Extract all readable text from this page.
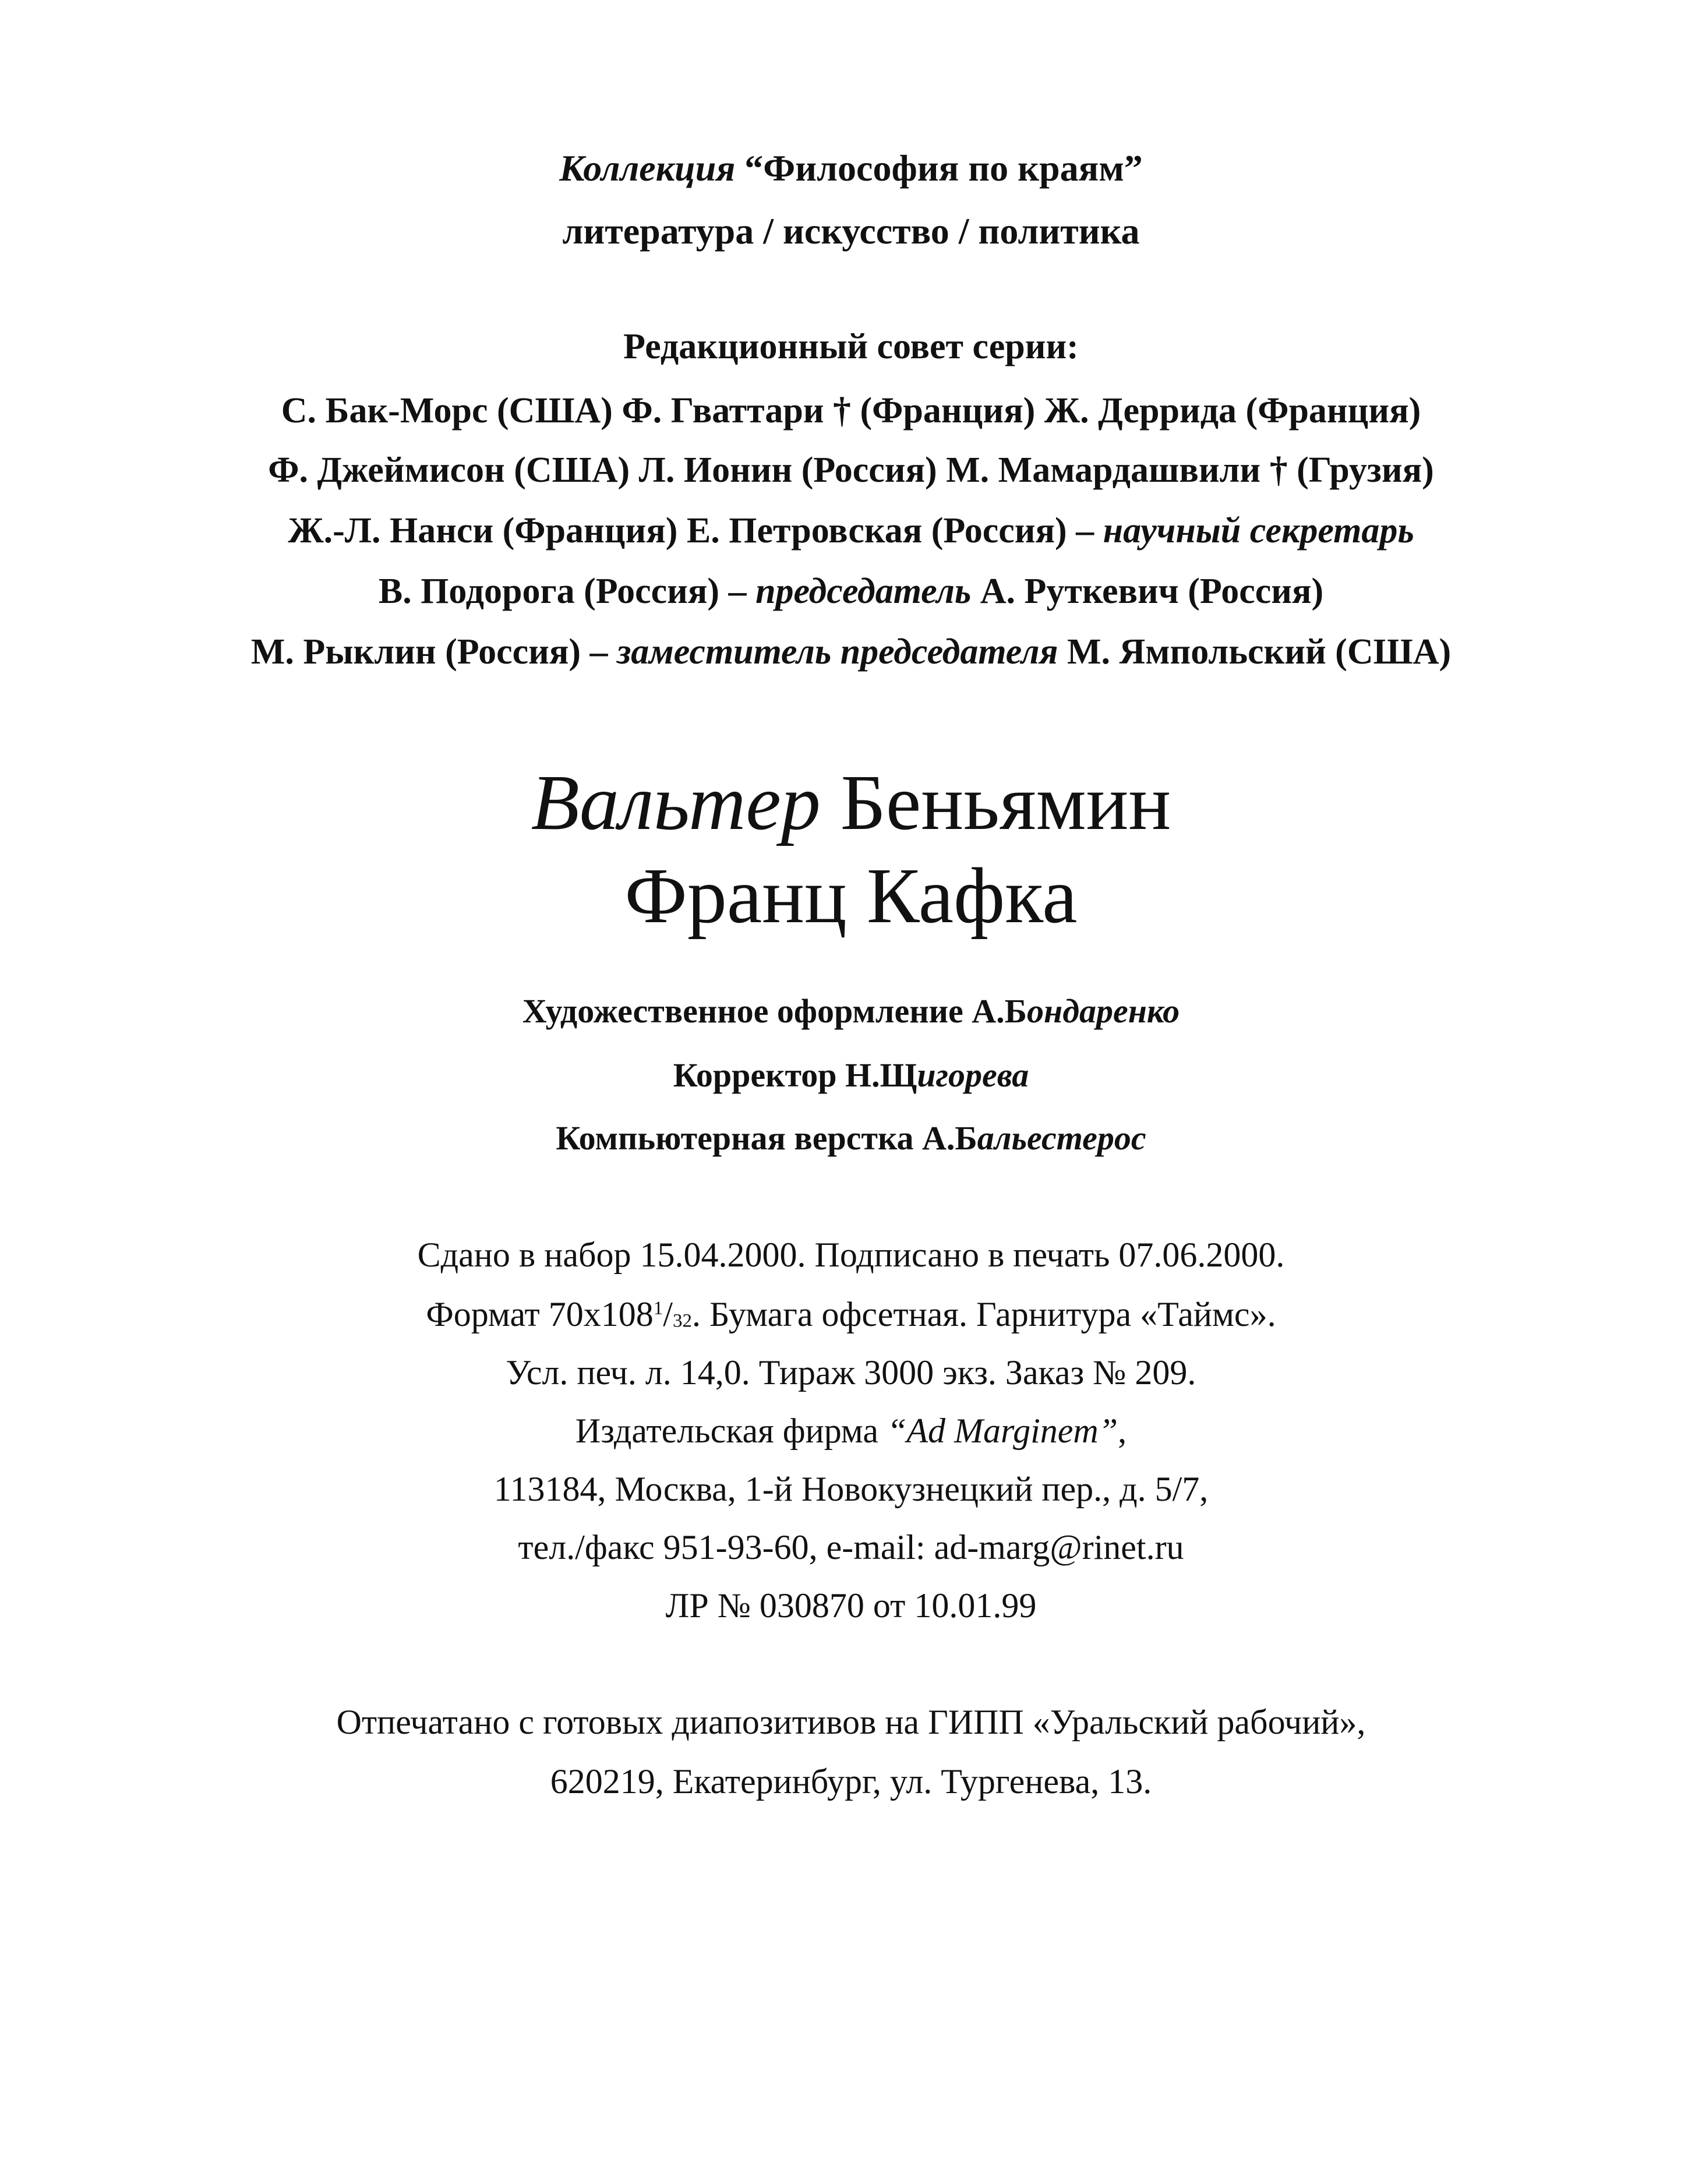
Коллекция “Философия по краям”
литература / искусство / политика
Редакционный совет серии:
С. Бак-Морс (США) Ф. Гваттари † (Франция) Ж. Деррида (Франция)
Ф. Джеймисон (США) Л. Ионин (Россия) М. Мамардашвили † (Грузия)
Ж.-Л. Нанси (Франция) Е. Петровская (Россия) – научный секретарь
В. Подорога (Россия) – председатель А. Руткевич (Россия)
М. Рыклин (Россия) – заместитель председателя М. Ямпольский (США)
Вальтер Беньямин
Франц Кафка
Художественное оформление А.Бондаренко
Корректор Н.Щигорева
Компьютерная верстка А.Бальестерос
Сдано в набор 15.04.2000. Подписано в печать 07.06.2000.
Формат $70x108^1/_{32}$. Бумага офсетная. Гарнитура «Таймс».
Усл. печ. л. 14,0. Тираж 3000 экз. Заказ № 209.
Издательская фирма “Ad Marginem”,
113184, Москва, 1-й Новокузнецкий пер., д. 5/7,
тел./факс 951-93-60, e-mail: ad-marg@rinet.ru
ЛР № 030870 от 10.01.99
Отпечатано с готовых диапозитивов на ГИПП «Уральский рабочий»,
620219, Екатеринбург, ул. Тургенева, 13.
